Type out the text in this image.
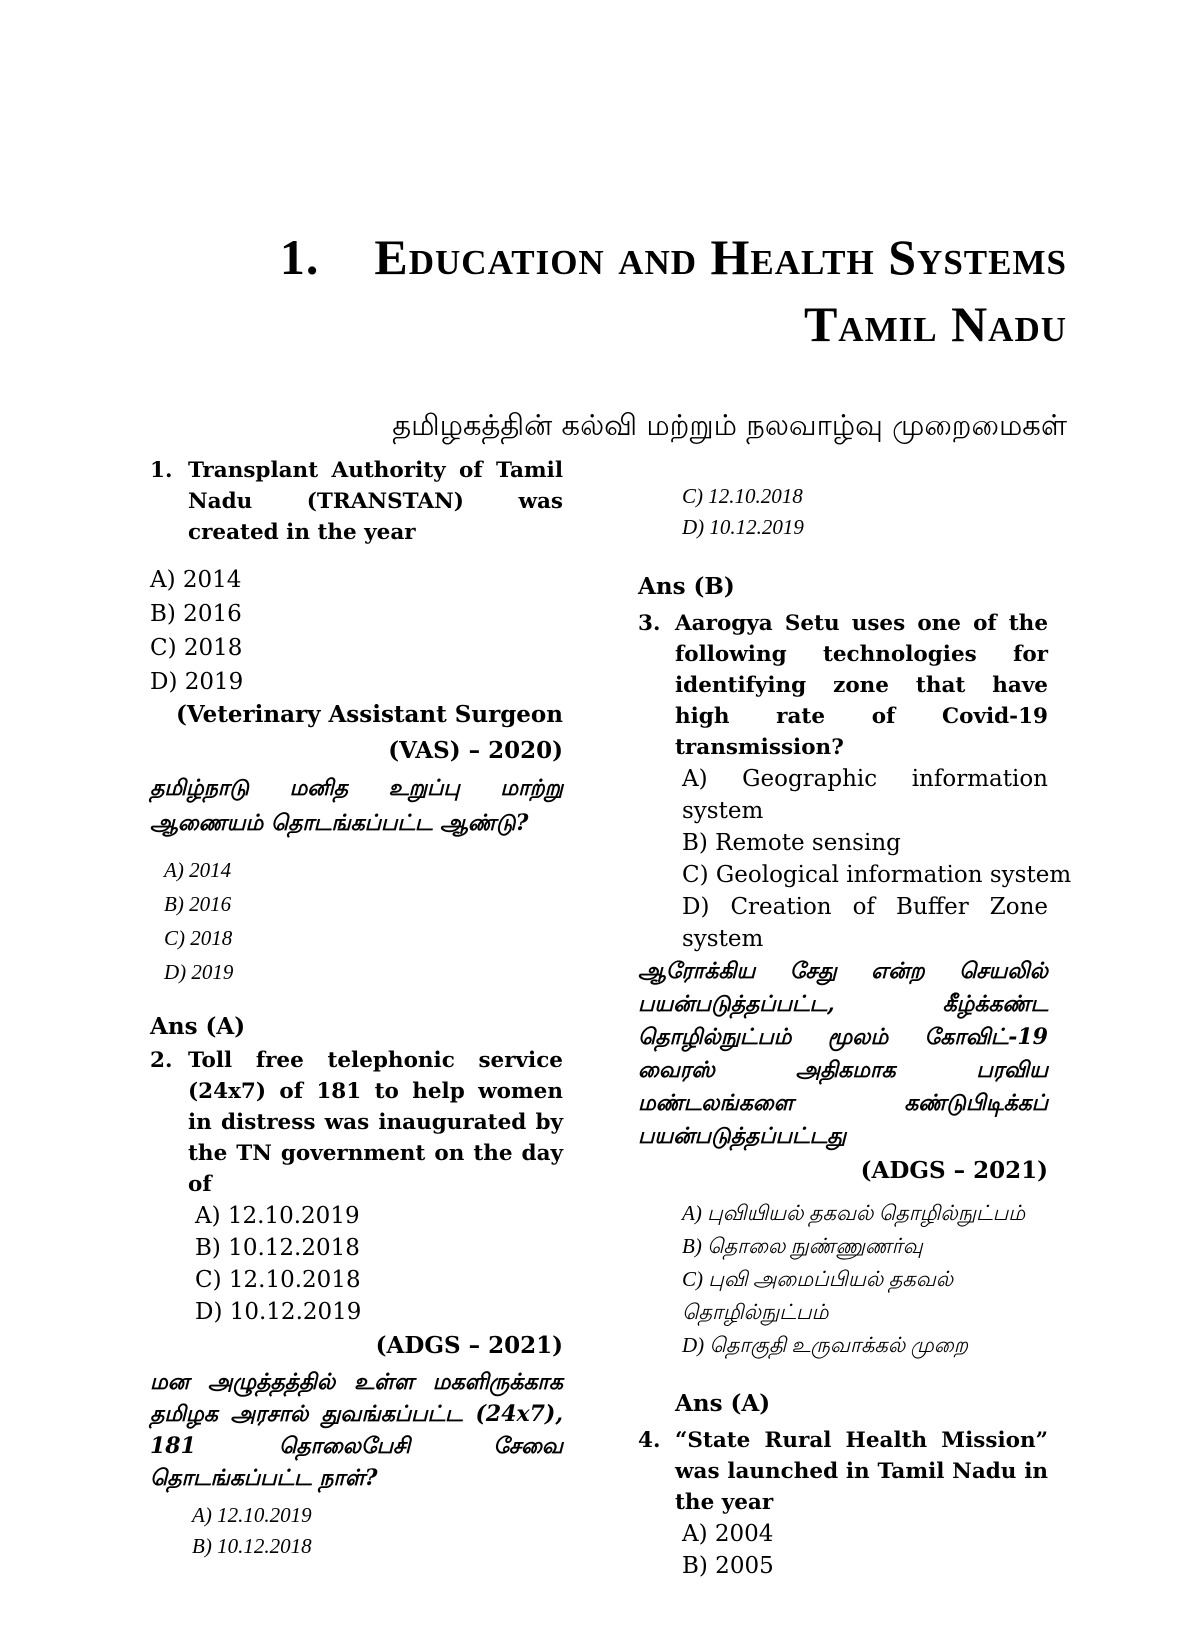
1. Education and Health Systems
Tamil Nadu
தமிழகத்தின் கல்வி மற்றும் நலவாழ்வு முறைமைகள்
1. Transplant Authority of Tamil Nadu (TRANSTAN) was created in the year
A) 2014
B) 2016
C) 2018
D) 2019
(Veterinary Assistant Surgeon
(VAS) – 2020)
தமிழ்நாடு மனித உறுப்பு மாற்று ஆணையம் தொடங்கப்பட்ட ஆண்டு?
A) 2014
B) 2016
C) 2018
D) 2019
Ans (A)
2. Toll free telephonic service (24x7) of 181 to help women in distress was inaugurated by the TN government on the day of
A) 12.10.2019
B) 10.12.2018
C) 12.10.2018
D) 10.12.2019
(ADGS – 2021)
மன அழுத்தத்தில் உள்ள மகளிருக்காக தமிழக அரசால் துவங்கப்பட்ட (24x7), 181 தொலைபேசி சேவை தொடங்கப்பட்ட நாள்?
A) 12.10.2019
B) 10.12.2018
C) 12.10.2018
D) 10.12.2019
Ans (B)
3. Aarogya Setu uses one of the following technologies for identifying zone that have high rate of Covid-19 transmission?
A) Geographic information system
B) Remote sensing
C) Geological information system
D) Creation of Buffer Zone system
ஆரோக்கிய சேது என்ற செயலில் பயன்படுத்தப்பட்ட, கீழ்க்கண்ட தொழில்நுட்பம் மூலம் கோவிட்-19 வைரஸ் அதிகமாக பரவிய மண்டலங்களை கண்டுபிடிக்கப் பயன்படுத்தப்பட்டது
(ADGS – 2021)
A) புவியியல் தகவல் தொழில்நுட்பம்
B) தொலை நுண்ணுணர்வு
C) புவி அமைப்பியல் தகவல் தொழில்நுட்பம்
D) தொகுதி உருவாக்கல் முறை
Ans (A)
4. “State Rural Health Mission” was launched in Tamil Nadu in the year
A) 2004
B) 2005
